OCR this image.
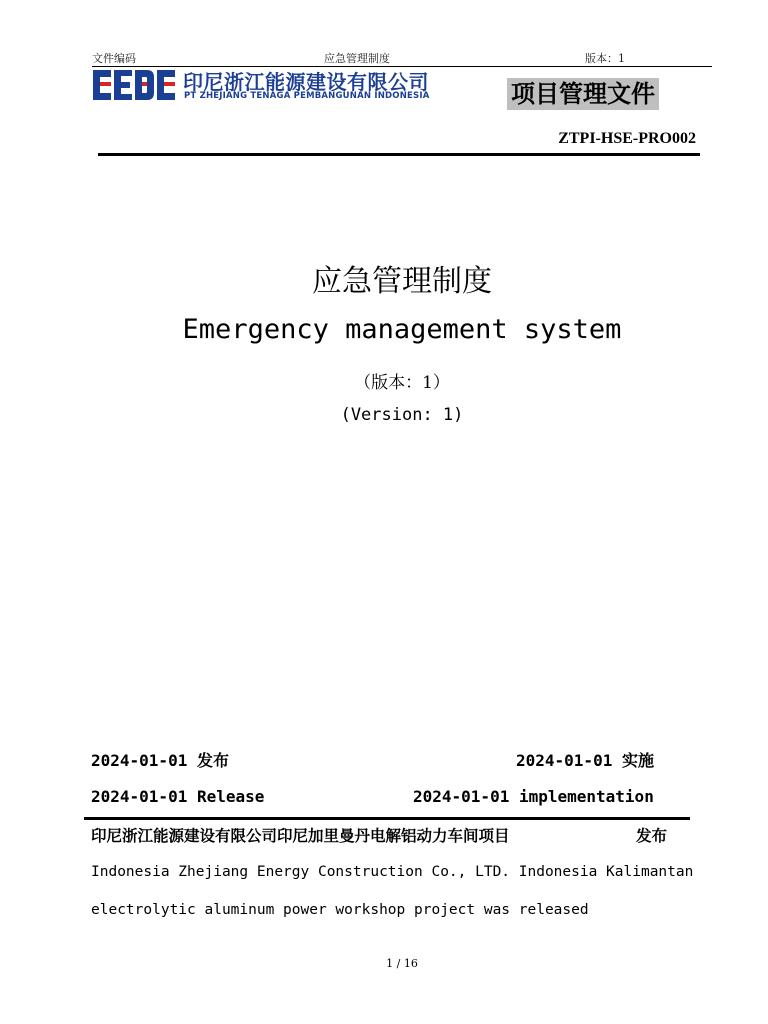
文件编码	应急管理制度	版本：1
印尼浙江能源建设有限公司
PT ZHEJIANG TENAGA PEMBANGUNAN INDONESIA	项目管理文件
ZTPI-HSE-PRO002
应急管理制度
Emergency management system
（版本：1）
(Version: 1)
2024-01-01 发布	2024-01-01 实施
2024-01-01 Release	2024-01-01 implementation
印尼浙江能源建设有限公司印尼加里曼丹电解铝动力车间项目	发布
Indonesia Zhejiang Energy Construction Co., LTD. Indonesia Kalimantan
electrolytic aluminum power workshop project was released
1 / 16
